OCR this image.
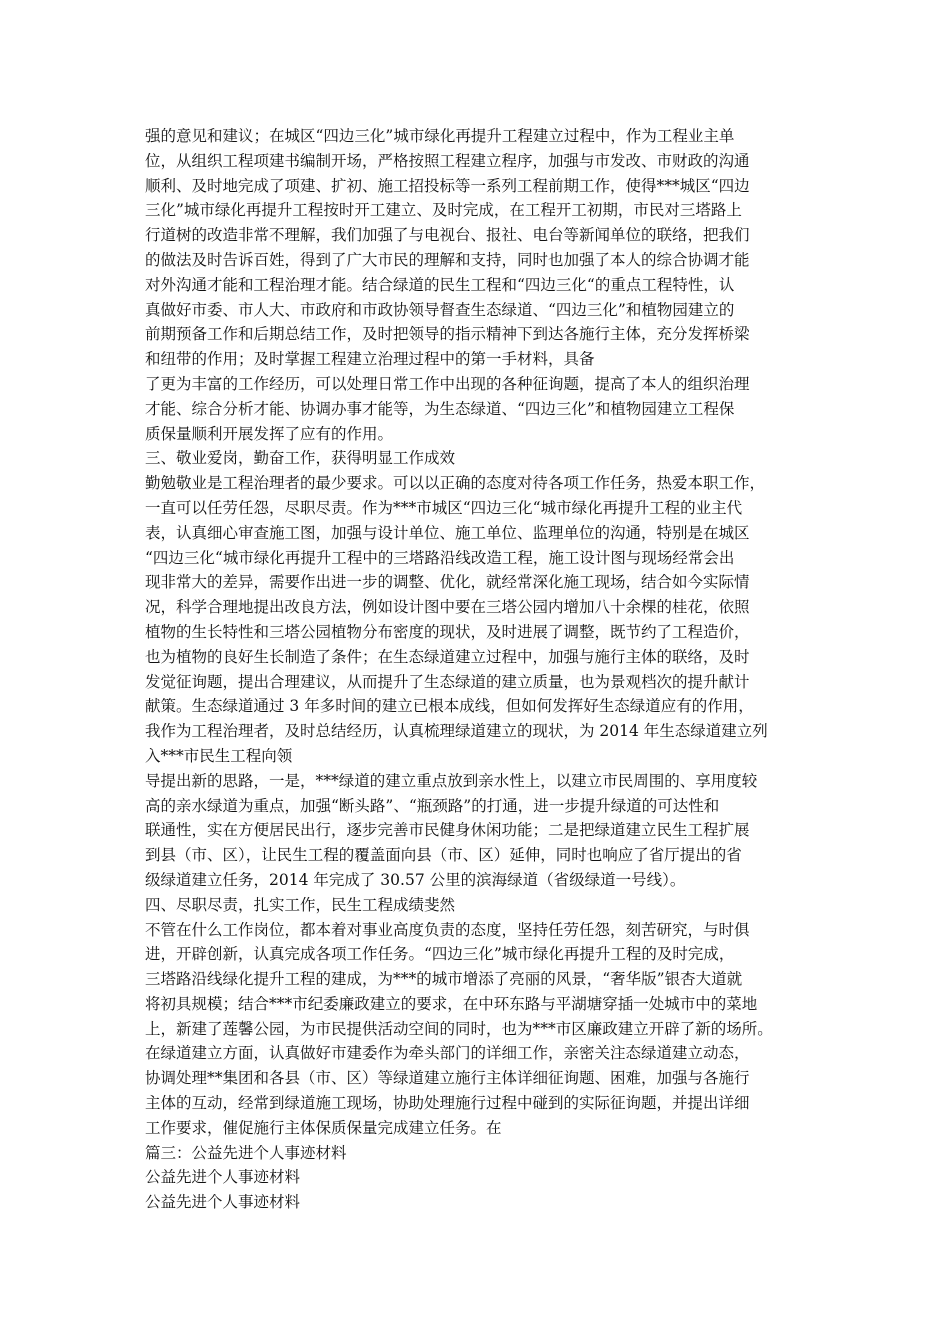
强的意见和建议；在城区“四边三化”城市绿化再提升工程建立过程中，作为工程业主单
位，从组织工程项建书编制开场，严格按照工程建立程序，加强与市发改、市财政的沟通
顺利、及时地完成了项建、扩初、施工招投标等一系列工程前期工作，使得***城区“四边
三化”城市绿化再提升工程按时开工建立、及时完成，在工程开工初期，市民对三塔路上
行道树的改造非常不理解，我们加强了与电视台、报社、电台等新闻单位的联络，把我们
的做法及时告诉百姓，得到了广大市民的理解和支持，同时也加强了本人的综合协调才能
对外沟通才能和工程治理才能。结合绿道的民生工程和“四边三化“的重点工程特性，认
真做好市委、市人大、市政府和市政协领导督查生态绿道、“四边三化”和植物园建立的
前期预备工作和后期总结工作，及时把领导的指示精神下到达各施行主体，充分发挥桥梁
和纽带的作用；及时掌握工程建立治理过程中的第一手材料，具备
了更为丰富的工作经历，可以处理日常工作中出现的各种征询题，提高了本人的组织治理
才能、综合分析才能、协调办事才能等，为生态绿道、“四边三化”和植物园建立工程保
质保量顺利开展发挥了应有的作用。
三、敬业爱岗，勤奋工作，获得明显工作成效
勤勉敬业是工程治理者的最少要求。可以以正确的态度对待各项工作任务，热爱本职工作，
一直可以任劳任怨，尽职尽责。作为***市城区“四边三化“城市绿化再提升工程的业主代
表，认真细心审查施工图，加强与设计单位、施工单位、监理单位的沟通，特别是在城区
“四边三化“城市绿化再提升工程中的三塔路沿线改造工程，施工设计图与现场经常会出
现非常大的差异，需要作出进一步的调整、优化，就经常深化施工现场，结合如今实际情
况，科学合理地提出改良方法，例如设计图中要在三塔公园内增加八十余棵的桂花，依照
植物的生长特性和三塔公园植物分布密度的现状，及时进展了调整，既节约了工程造价，
也为植物的良好生长制造了条件；在生态绿道建立过程中，加强与施行主体的联络，及时
发觉征询题，提出合理建议，从而提升了生态绿道的建立质量，也为景观档次的提升献计
献策。生态绿道通过 3 年多时间的建立已根本成线，但如何发挥好生态绿道应有的作用，
我作为工程治理者，及时总结经历，认真梳理绿道建立的现状，为 2014 年生态绿道建立列
入***市民生工程向领
导提出新的思路，一是，***绿道的建立重点放到亲水性上，以建立市民周围的、享用度较
高的亲水绿道为重点，加强“断头路”、“瓶颈路”的打通，进一步提升绿道的可达性和
联通性，实在方便居民出行，逐步完善市民健身休闲功能；二是把绿道建立民生工程扩展
到县（市、区），让民生工程的覆盖面向县（市、区）延伸，同时也响应了省厅提出的省
级绿道建立任务，2014 年完成了 30.57 公里的滨海绿道（省级绿道一号线）。
四、尽职尽责，扎实工作，民生工程成绩斐然
不管在什么工作岗位，都本着对事业高度负责的态度，坚持任劳任怨，刻苦研究，与时俱
进，开辟创新，认真完成各项工作任务。“四边三化”城市绿化再提升工程的及时完成，
三塔路沿线绿化提升工程的建成，为***的城市增添了亮丽的风景，“奢华版”银杏大道就
将初具规模；结合***市纪委廉政建立的要求，在中环东路与平湖塘穿插一处城市中的菜地
上，新建了莲馨公园，为市民提供活动空间的同时，也为***市区廉政建立开辟了新的场所。
在绿道建立方面，认真做好市建委作为牵头部门的详细工作，亲密关注态绿道建立动态，
协调处理**集团和各县（市、区）等绿道建立施行主体详细征询题、困难，加强与各施行
主体的互动，经常到绿道施工现场，协助处理施行过程中碰到的实际征询题，并提出详细
工作要求，催促施行主体保质保量完成建立任务。在
篇三：公益先进个人事迹材料
公益先进个人事迹材料
公益先进个人事迹材料
